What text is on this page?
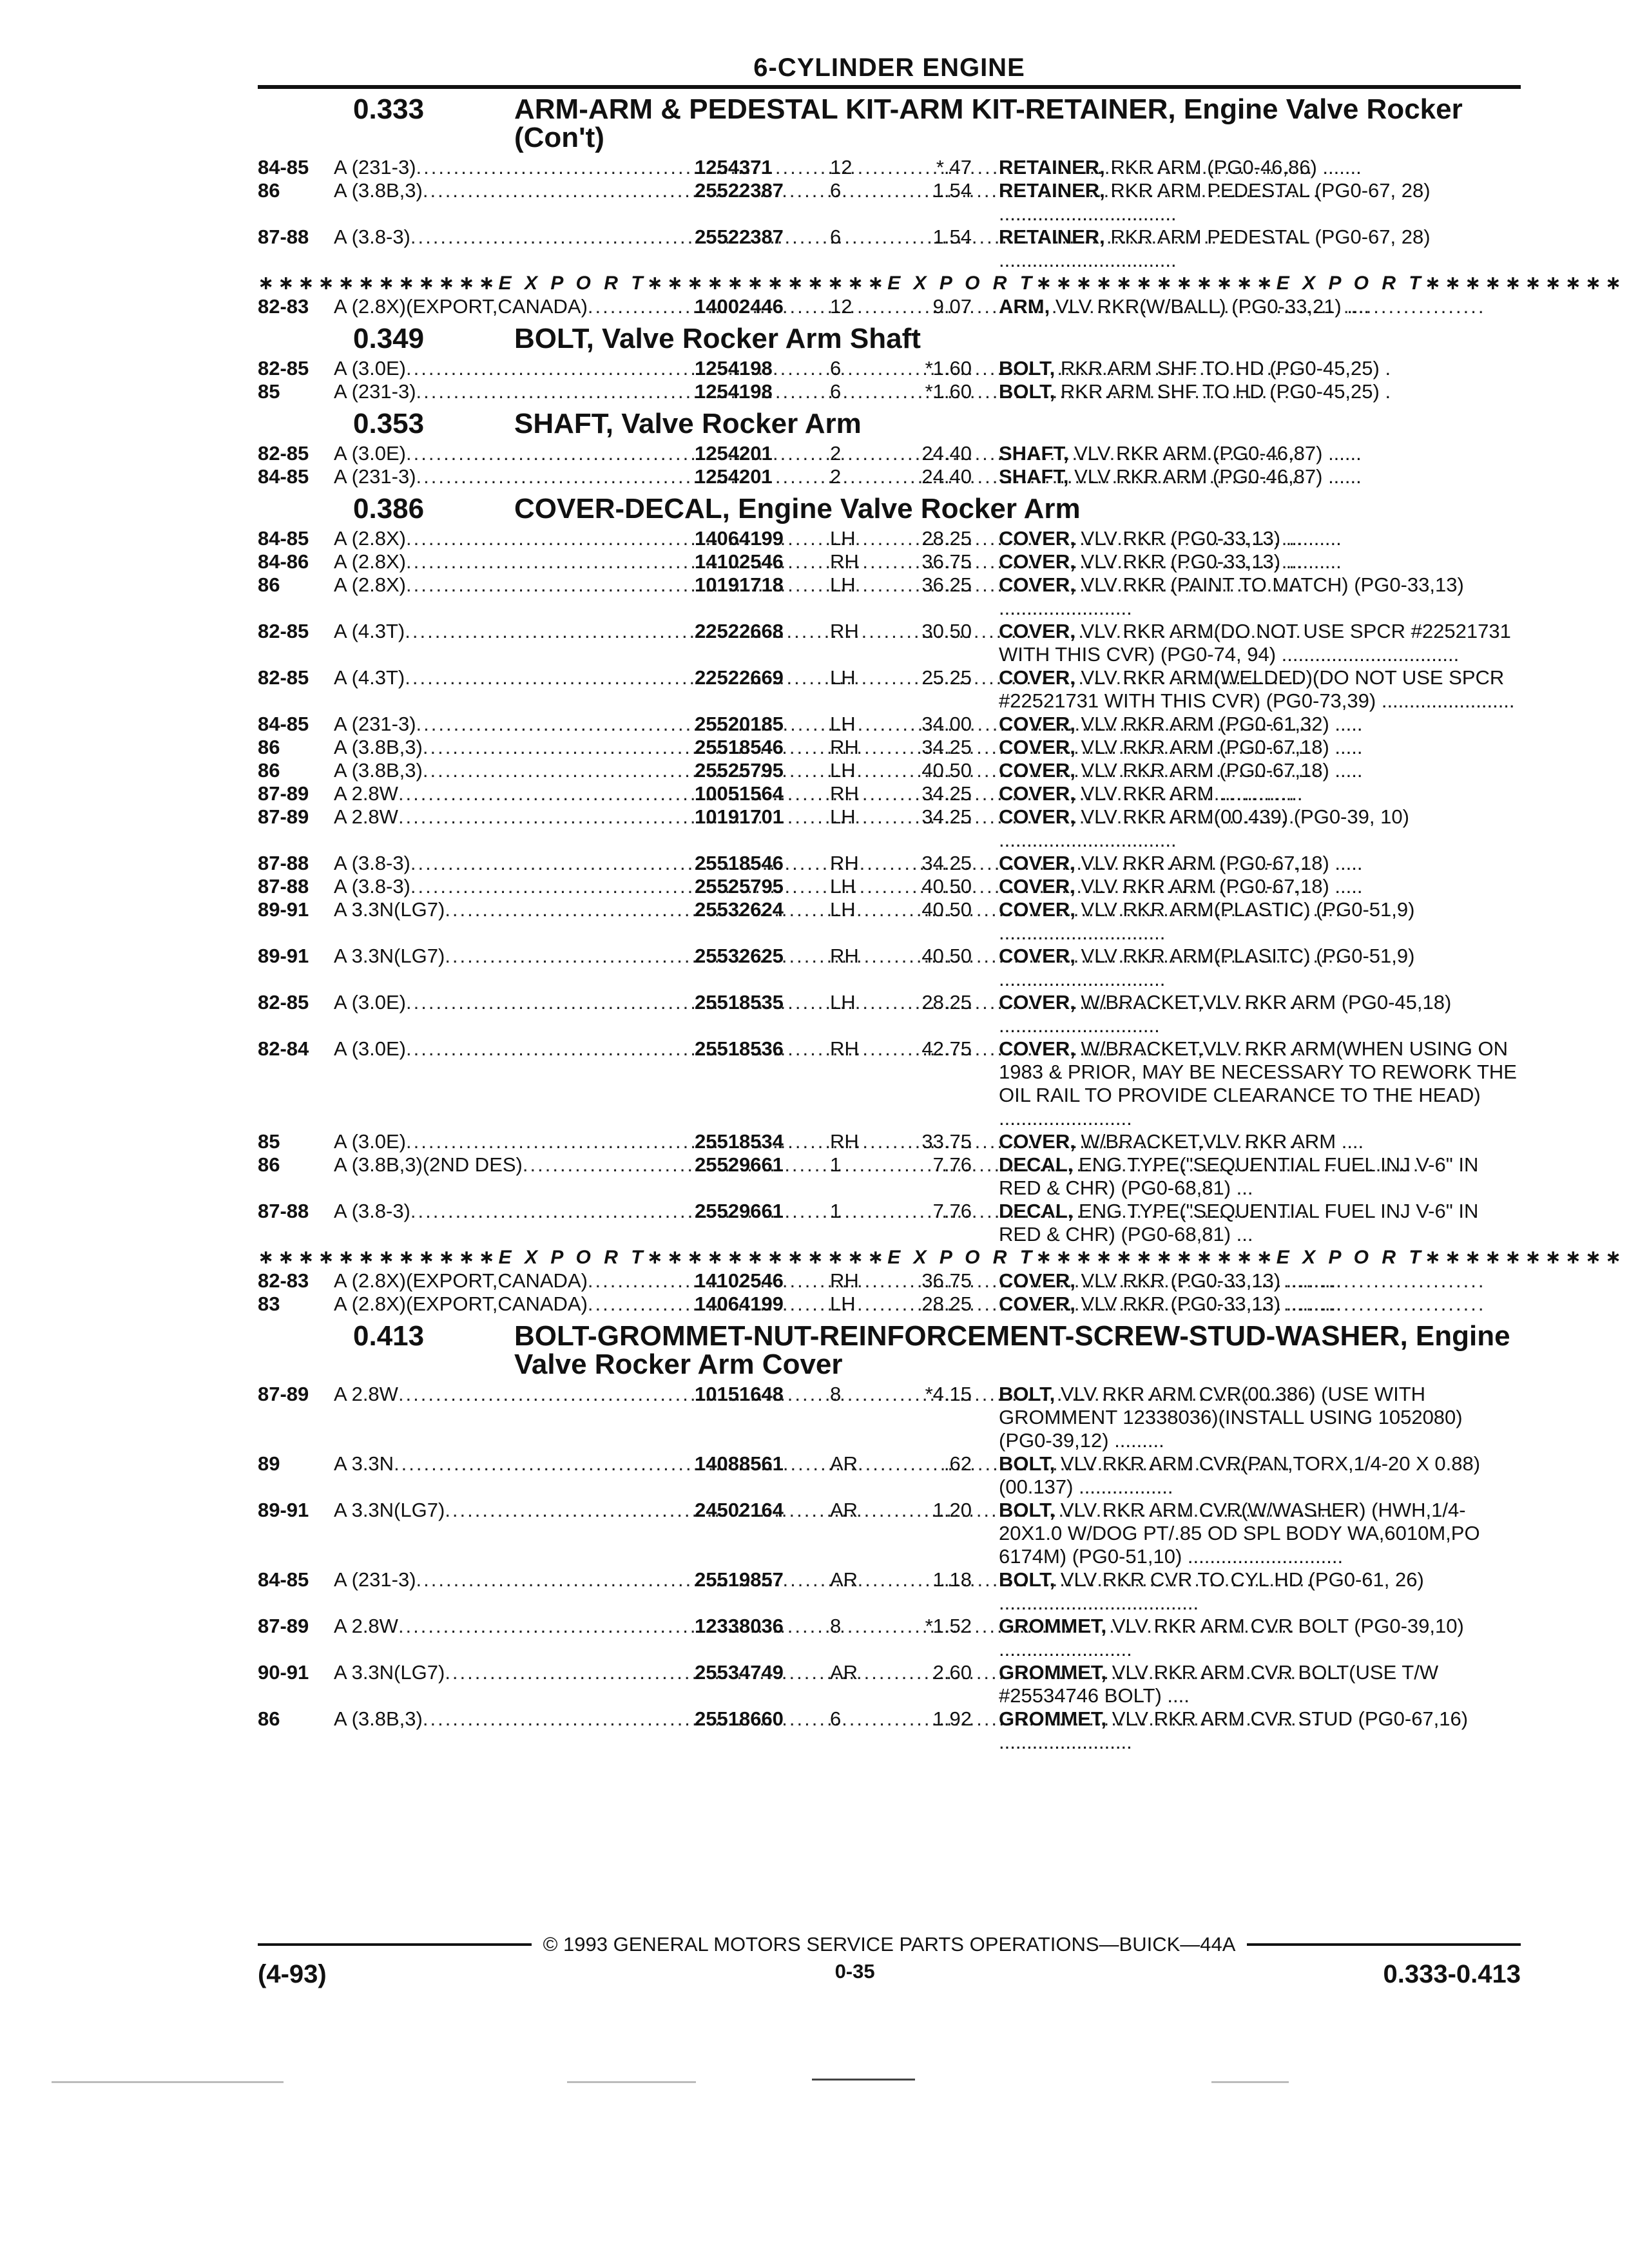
6-CYLINDER ENGINE
0.333	ARM-ARM & PEDESTAL KIT-ARM KIT-RETAINER, Engine Valve Rocker (Con't)
84-85	A (231-3) .....	1254371	12	*.47	RETAINER, RKR ARM (PG0-46,86) .......
86	A (3.8B,3) .....	25522387	6	1.54	RETAINER, RKR ARM PEDESTAL (PG0-67, 28) ................................
87-88	A (3.8-3) .....	25522387	6	1.54	RETAINER, RKR ARM PEDESTAL (PG0-67, 28) ................................
∗∗∗∗∗∗∗∗∗∗∗∗ E X P O R T ∗∗∗∗∗∗∗∗∗∗∗∗ E X P O R T ∗∗∗∗∗∗∗∗∗∗∗∗ E X P O R T ∗∗∗∗∗∗∗∗∗∗
82-83	A (2.8X)(EXPORT,CANADA) .....	14002446	12	9.07	ARM, VLV RKR(W/BALL) (PG0-33,21) ....
0.349	BOLT, Valve Rocker Arm Shaft
82-85	A (3.0E) .....	1254198	6	*1.60	BOLT, RKR ARM SHF TO HD (PG0-45,25) .
85	A (231-3) .....	1254198	6	*1.60	BOLT, RKR ARM SHF TO HD (PG0-45,25) .
0.353	SHAFT, Valve Rocker Arm
82-85	A (3.0E) .....	1254201	2	24.40	SHAFT, VLV RKR ARM (PG0-46,87) ......
84-85	A (231-3) .....	1254201	2	24.40	SHAFT, VLV RKR ARM (PG0-46,87) ......
0.386	COVER-DECAL, Engine Valve Rocker Arm
84-85	A (2.8X) .....	14064199	LH	28.25	COVER, VLV RKR (PG0-33,13) ..........
84-86	A (2.8X) .....	14102546	RH	36.75	COVER, VLV RKR (PG0-33,13) ..........
86	A (2.8X) .....	10191718	LH	36.25	COVER, VLV RKR (PAINT TO MATCH) (PG0-33,13) ........................
82-85	A (4.3T) .....	22522668	RH	30.50	COVER, VLV RKR ARM(DO NOT USE SPCR #22521731 WITH THIS CVR) (PG0-74, 94) ................................
82-85	A (4.3T) .....	22522669	LH	25.25	COVER, VLV RKR ARM(WELDED)(DO NOT USE SPCR #22521731 WITH THIS CVR) (PG0-73,39) ........................
84-85	A (231-3) .....	25520185	LH	34.00	COVER, VLV RKR ARM (PG0-61,32) .....
86	A (3.8B,3) .....	25518546	RH	34.25	COVER, VLV RKR ARM (PG0-67,18) .....
86	A (3.8B,3) .....	25525795	LH	40.50	COVER, VLV RKR ARM (PG0-67,18) .....
87-89	A 2.8W .....	10051564	RH	34.25	COVER, VLV RKR ARM ...............
87-89	A 2.8W .....	10191701	LH	34.25	COVER, VLV RKR ARM(00.439) (PG0-39, 10) ................................
87-88	A (3.8-3) .....	25518546	RH	34.25	COVER, VLV RKR ARM (PG0-67,18) .....
87-88	A (3.8-3) .....	25525795	LH	40.50	COVER, VLV RKR ARM (PG0-67,18) .....
89-91	A 3.3N(LG7) .....	25532624	LH	40.50	COVER, VLV RKR ARM(PLASTIC) (PG0-51,9) ..............................
89-91	A 3.3N(LG7) .....	25532625	RH	40.50	COVER, VLV RKR ARM(PLASITC) (PG0-51,9) ..............................
82-85	A (3.0E) .....	25518535	LH	28.25	COVER, W/BRACKET,VLV RKR ARM (PG0-45,18) .............................
82-84	A (3.0E) .....	25518536	RH	42.75	COVER, W/BRACKET,VLV RKR ARM(WHEN USING ON 1983 & PRIOR, MAY BE NECESSARY TO REWORK THE OIL RAIL TO PROVIDE CLEARANCE TO THE HEAD) ........................
85	A (3.0E) .....	25518534	RH	33.75	COVER, W/BRACKET,VLV RKR ARM ....
86	A (3.8B,3)(2ND DES) .....	25529661	1	7.76	DECAL, ENG TYPE("SEQUENTIAL FUEL INJ V-6" IN RED & CHR) (PG0-68,81) ...
87-88	A (3.8-3) .....	25529661	1	7.76	DECAL, ENG TYPE("SEQUENTIAL FUEL INJ V-6" IN RED & CHR) (PG0-68,81) ...
∗∗∗∗∗∗∗∗∗∗∗∗ E X P O R T ∗∗∗∗∗∗∗∗∗∗∗∗ E X P O R T ∗∗∗∗∗∗∗∗∗∗∗∗ E X P O R T ∗∗∗∗∗∗∗∗∗∗
82-83	A (2.8X)(EXPORT,CANADA) .....	14102546	RH	36.75	COVER, VLV RKR (PG0-33,13) ..........
83	A (2.8X)(EXPORT,CANADA) .....	14064199	LH	28.25	COVER, VLV RKR (PG0-33,13) ..........
0.413	BOLT-GROMMET-NUT-REINFORCEMENT-SCREW-STUD-WASHER, Engine Valve Rocker Arm Cover
87-89	A 2.8W .....	10151648	8	*4.15	BOLT, VLV RKR ARM CVR(00.386) (USE WITH GROMMENT 12338036)(INSTALL USING 1052080) (PG0-39,12) .........
89	A 3.3N .....	14088561	AR	.62	BOLT, VLV RKR ARM CVR(PAN,TORX,1/4-20 X 0.88)(00.137) .................
89-91	A 3.3N(LG7) .....	24502164	AR	1.20	BOLT, VLV RKR ARM CVR(W/WASHER) (HWH,1/4-20X1.0 W/DOG PT/.85 OD SPL BODY WA,6010M,PO 6174M) (PG0-51,10) ............................
84-85	A (231-3) .....	25519857	AR	1.18	BOLT, VLV RKR CVR TO CYL HD (PG0-61, 26) ....................................
87-89	A 2.8W .....	12338036	8	*1.52	GROMMET, VLV RKR ARM CVR BOLT (PG0-39,10) ........................
90-91	A 3.3N(LG7) .....	25534749	AR	2.60	GROMMET, VLV RKR ARM CVR BOLT(USE T/W #25534746 BOLT) ....
86	A (3.8B,3) .....	25518660	6	1.92	GROMMET, VLV RKR ARM CVR STUD (PG0-67,16) ........................
© 1993 GENERAL MOTORS SERVICE PARTS OPERATIONS—BUICK—44A
(4-93)	0-35	0.333-0.413
